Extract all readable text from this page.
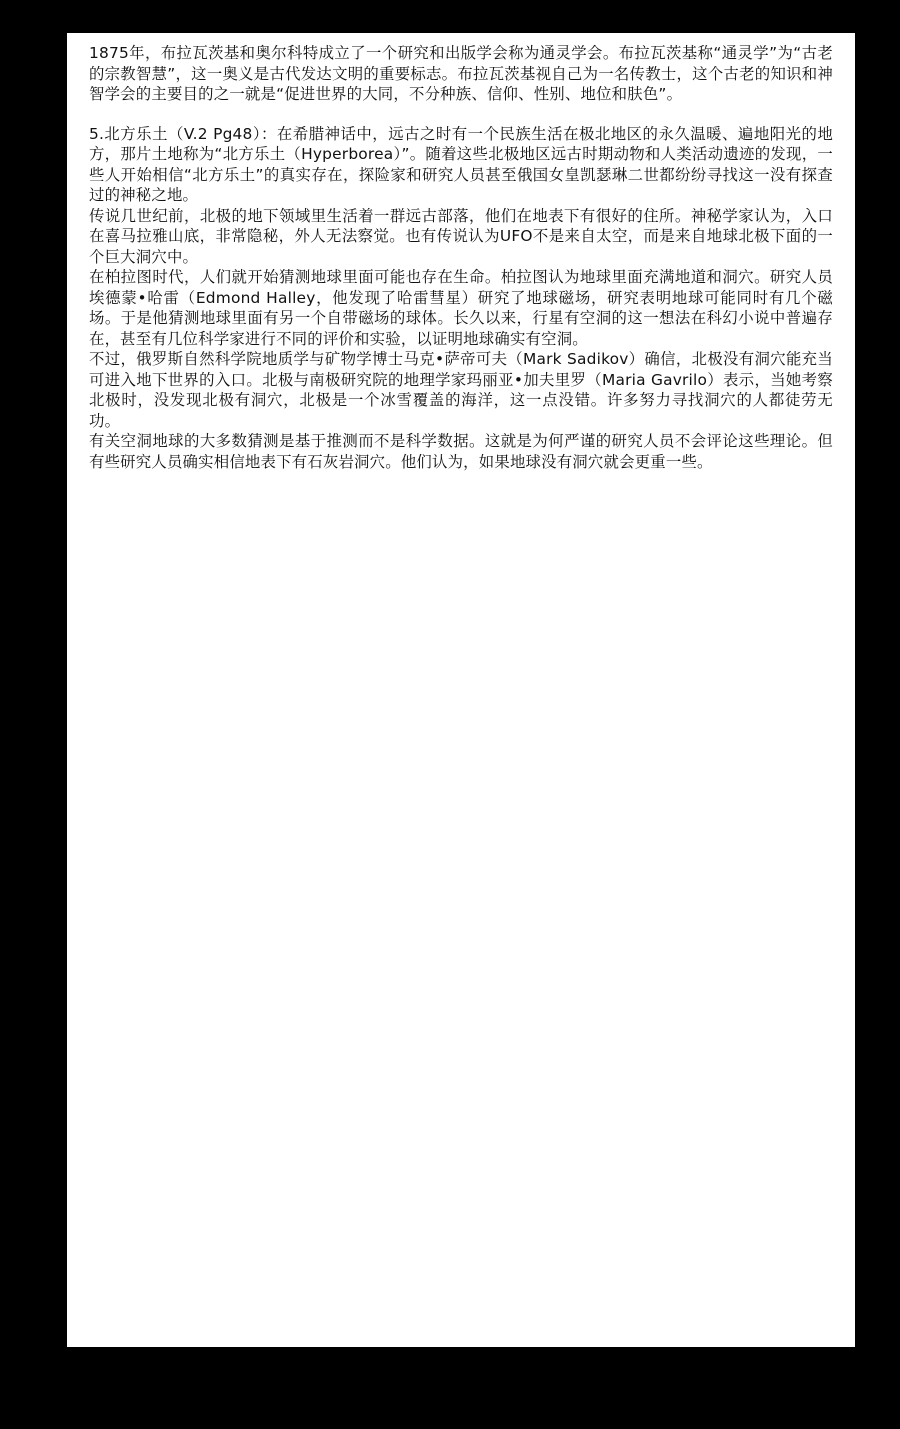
1875年，布拉瓦茨基和奥尔科特成立了一个研究和出版学会称为通灵学会。布拉瓦茨基称“通灵学”为“古老的宗教智慧”，这一奥义是古代发达文明的重要标志。布拉瓦茨基视自己为一名传教士，这个古老的知识和神智学会的主要目的之一就是“促进世界的大同，不分种族、信仰、性别、地位和肤色”。

5.北方乐土（V.2 Pg48）：在希腊神话中，远古之时有一个民族生活在极北地区的永久温暖、遍地阳光的地方，那片土地称为“北方乐土（Hyperborea）”。随着这些北极地区远古时期动物和人类活动遗迹的发现，一些人开始相信“北方乐土”的真实存在，探险家和研究人员甚至俄国女皇凯瑟琳二世都纷纷寻找这一没有探查过的神秘之地。

传说几世纪前，北极的地下领域里生活着一群远古部落，他们在地表下有很好的住所。神秘学家认为，入口在喜马拉雅山底，非常隐秘，外人无法察觉。也有传说认为UFO不是来自太空，而是来自地球北极下面的一个巨大洞穴中。

在柏拉图时代，人们就开始猜测地球里面可能也存在生命。柏拉图认为地球里面充满地道和洞穴。研究人员埃德蒙•哈雷（Edmond Halley，他发现了哈雷彗星）研究了地球磁场，研究表明地球可能同时有几个磁场。于是他猜测地球里面有另一个自带磁场的球体。长久以来，行星有空洞的这一想法在科幻小说中普遍存在，甚至有几位科学家进行不同的评价和实验，以证明地球确实有空洞。

不过，俄罗斯自然科学院地质学与矿物学博士马克•萨帝可夫（Mark Sadikov）确信，北极没有洞穴能充当可进入地下世界的入口。北极与南极研究院的地理学家玛丽亚•加夫里罗（Maria Gavrilo）表示，当她考察北极时，没发现北极有洞穴，北极是一个冰雪覆盖的海洋，这一点没错。许多努力寻找洞穴的人都徒劳无功。

有关空洞地球的大多数猜测是基于推测而不是科学数据。这就是为何严谨的研究人员不会评论这些理论。但有些研究人员确实相信地表下有石灰岩洞穴。他们认为，如果地球没有洞穴就会更重一些。
